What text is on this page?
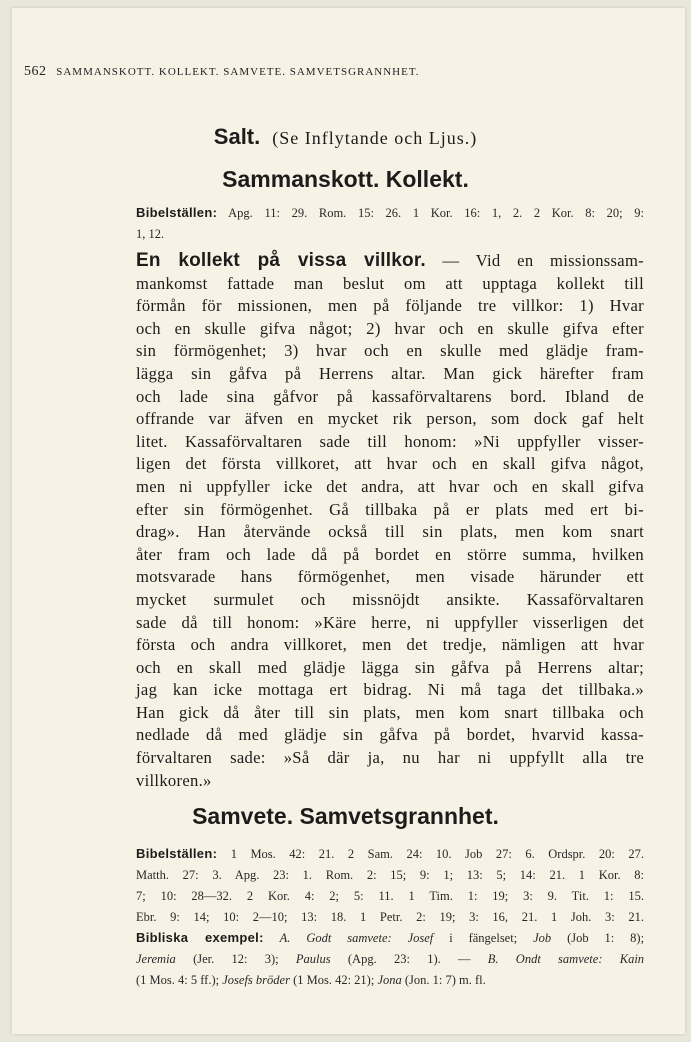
562 SAMMANSKOTT. KOLLEKT. SAMVETE. SAMVETSGRANNHET.
Salt. (Se Inflytande och Ljus.)
Sammanskott. Kollekt.
Bibelställen: Apg. 11: 29. Rom. 15: 26. 1 Kor. 16: 1, 2. 2 Kor. 8: 20; 9:
1, 12.
En kollekt på vissa villkor. — Vid en missionssam-
mankomst fattade man beslut om att upptaga kollekt till
förmån för missionen, men på följande tre villkor: 1) Hvar
och en skulle gifva något; 2) hvar och en skulle gifva efter
sin förmögenhet; 3) hvar och en skulle med glädje fram-
lägga sin gåfva på Herrens altar. Man gick härefter fram
och lade sina gåfvor på kassaförvaltarens bord. Ibland de
offrande var äfven en mycket rik person, som dock gaf helt
litet. Kassaförvaltaren sade till honom: »Ni uppfyller visser-
ligen det första villkoret, att hvar och en skall gifva något,
men ni uppfyller icke det andra, att hvar och en skall gifva
efter sin förmögenhet. Gå tillbaka på er plats med ert bi-
drag». Han återvände också till sin plats, men kom snart
åter fram och lade då på bordet en större summa, hvilken
motsvarade hans förmögenhet, men visade härunder ett
mycket surmulet och missnöjdt ansikte. Kassaförvaltaren
sade då till honom: »Käre herre, ni uppfyller visserligen det
första och andra villkoret, men det tredje, nämligen att hvar
och en skall med glädje lägga sin gåfva på Herrens altar;
jag kan icke mottaga ert bidrag. Ni må taga det tillbaka.»
Han gick då åter till sin plats, men kom snart tillbaka och
nedlade då med glädje sin gåfva på bordet, hvarvid kassa-
förvaltaren sade: »Så där ja, nu har ni uppfyllt alla tre
villkoren.»
Samvete. Samvetsgrannhet.
Bibelställen: 1 Mos. 42: 21. 2 Sam. 24: 10. Job 27: 6. Ordspr. 20: 27.
Matth. 27: 3. Apg. 23: 1. Rom. 2: 15; 9: 1; 13: 5; 14: 21. 1 Kor. 8:
7; 10: 28—32. 2 Kor. 4: 2; 5: 11. 1 Tim. 1: 19; 3: 9. Tit. 1: 15.
Ebr. 9: 14; 10: 2—10; 13: 18. 1 Petr. 2: 19; 3: 16, 21. 1 Joh. 3: 21.
Bibliska exempel: A. Godt samvete: Josef i fängelset; Job (Job 1: 8);
Jeremia (Jer. 12: 3); Paulus (Apg. 23: 1). — B. Ondt samvete: Kain
(1 Mos. 4: 5 ff.); Josefs bröder (1 Mos. 42: 21); Jona (Jon. 1: 7) m. fl.
